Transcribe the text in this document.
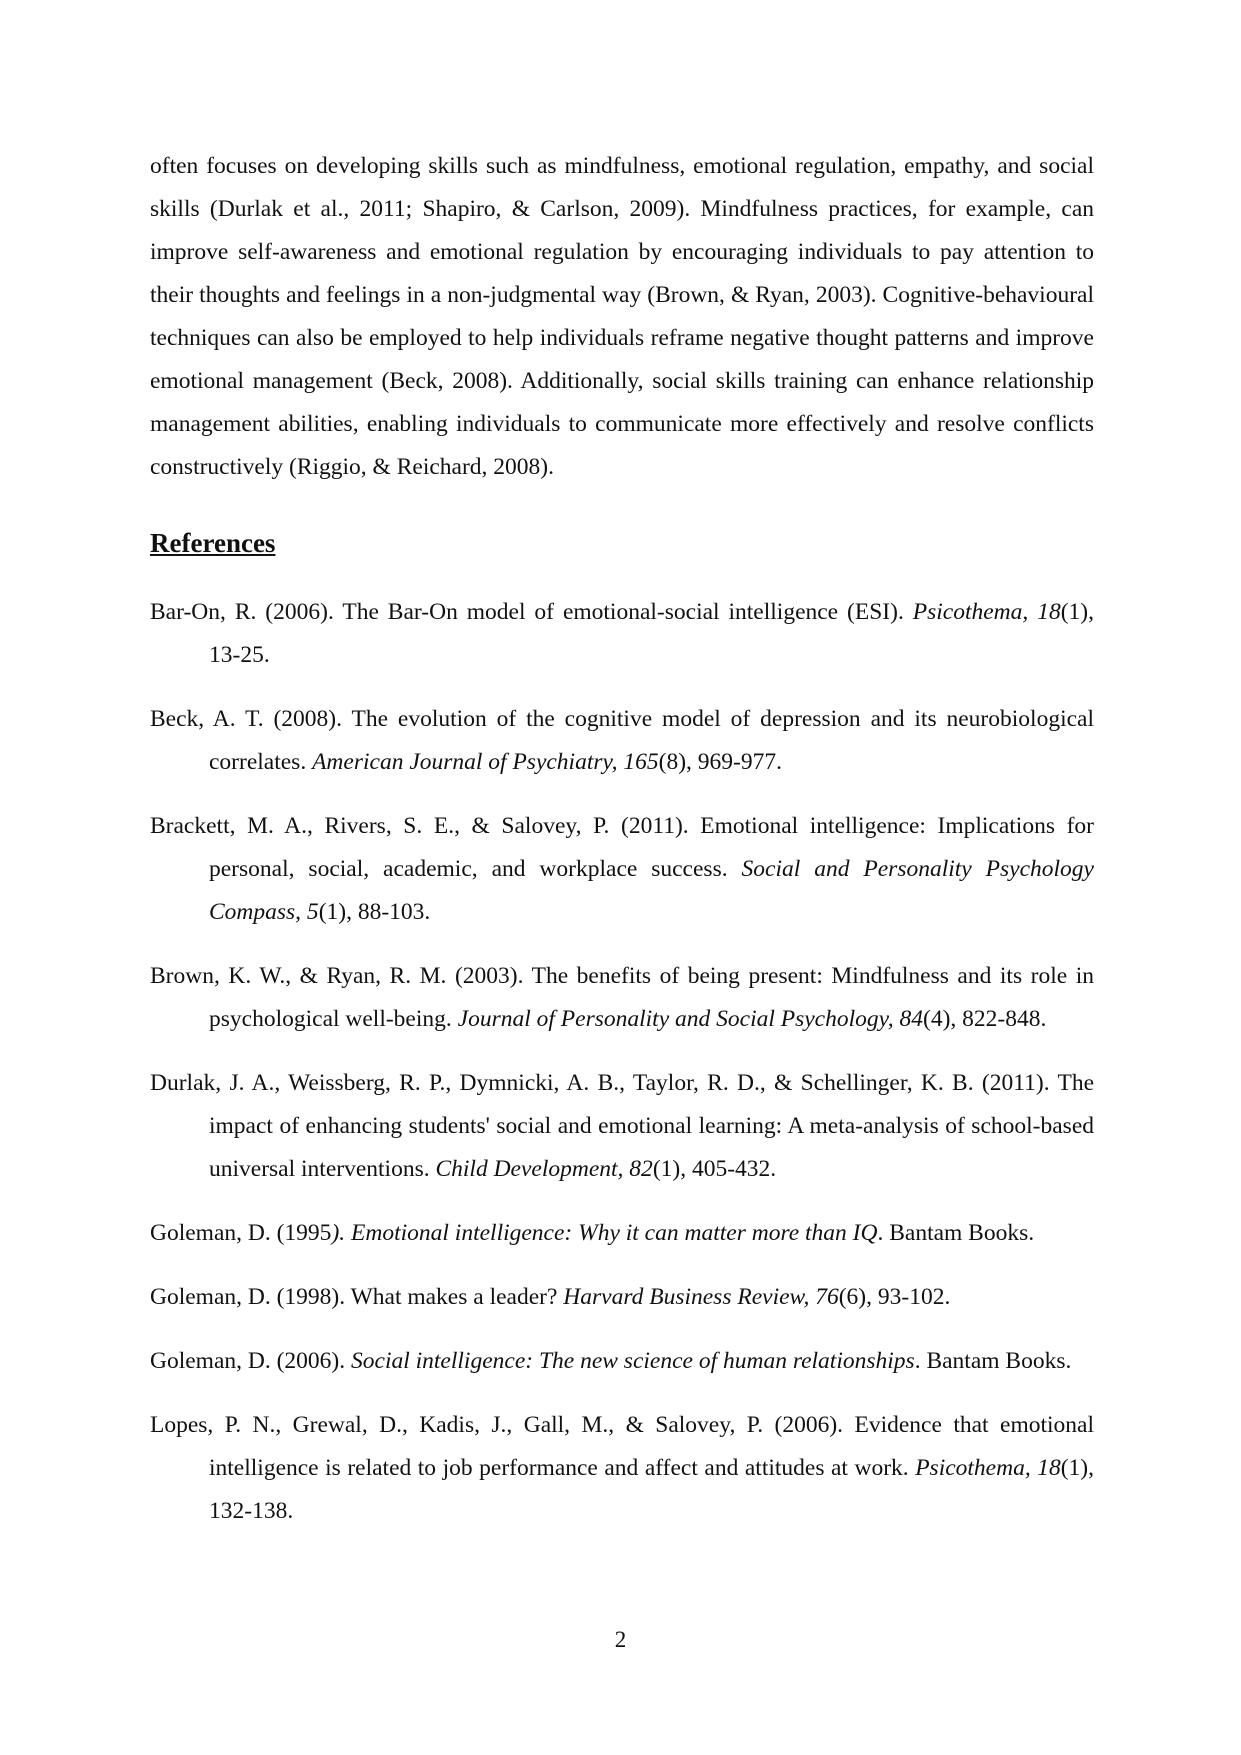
often focuses on developing skills such as mindfulness, emotional regulation, empathy, and social skills (Durlak et al., 2011; Shapiro, & Carlson, 2009). Mindfulness practices, for example, can improve self-awareness and emotional regulation by encouraging individuals to pay attention to their thoughts and feelings in a non-judgmental way (Brown, & Ryan, 2003). Cognitive-behavioural techniques can also be employed to help individuals reframe negative thought patterns and improve emotional management (Beck, 2008). Additionally, social skills training can enhance relationship management abilities, enabling individuals to communicate more effectively and resolve conflicts constructively (Riggio, & Reichard, 2008).

References
Bar-On, R. (2006). The Bar-On model of emotional-social intelligence (ESI). Psicothema, 18(1), 13-25.
Beck, A. T. (2008). The evolution of the cognitive model of depression and its neurobiological correlates. American Journal of Psychiatry, 165(8), 969-977.
Brackett, M. A., Rivers, S. E., & Salovey, P. (2011). Emotional intelligence: Implications for personal, social, academic, and workplace success. Social and Personality Psychology Compass, 5(1), 88-103.
Brown, K. W., & Ryan, R. M. (2003). The benefits of being present: Mindfulness and its role in psychological well-being. Journal of Personality and Social Psychology, 84(4), 822-848.
Durlak, J. A., Weissberg, R. P., Dymnicki, A. B., Taylor, R. D., & Schellinger, K. B. (2011). The impact of enhancing students' social and emotional learning: A meta-analysis of school-based universal interventions. Child Development, 82(1), 405-432.
Goleman, D. (1995). Emotional intelligence: Why it can matter more than IQ. Bantam Books.
Goleman, D. (1998). What makes a leader? Harvard Business Review, 76(6), 93-102.
Goleman, D. (2006). Social intelligence: The new science of human relationships. Bantam Books.
Lopes, P. N., Grewal, D., Kadis, J., Gall, M., & Salovey, P. (2006). Evidence that emotional intelligence is related to job performance and affect and attitudes at work. Psicothema, 18(1), 132-138.
2
